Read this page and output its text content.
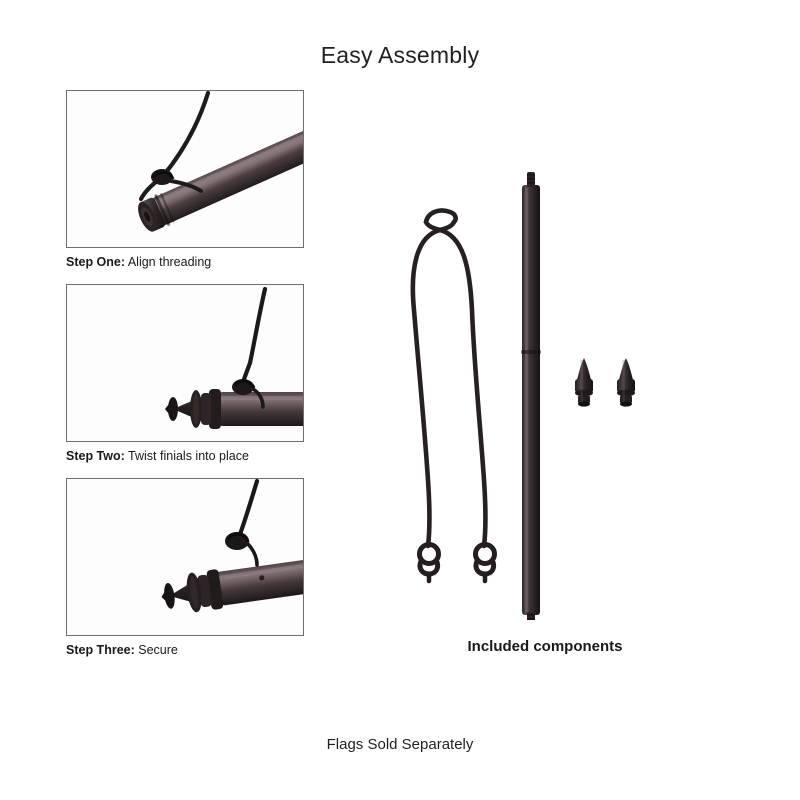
Easy Assembly
Step One: Align threading
Step Two: Twist finials into place
Step Three: Secure	Included components
Flags Sold Separately
